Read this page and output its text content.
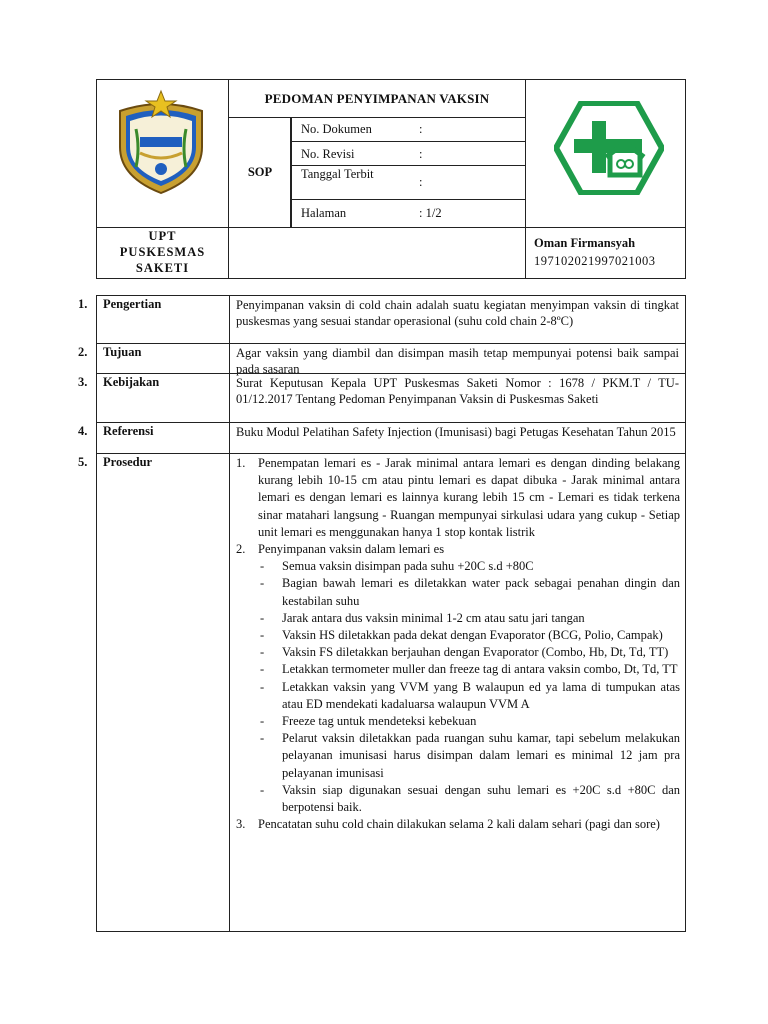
UPT
PUSKESMAS
SAKETI
PEDOMAN PENYIMPANAN VAKSIN
SOP
No. Dokumen	:
No. Revisi	:
Tanggal Terbit
:
Halaman	: 1/2
Oman Firmansyah
197102021997021003
1. Pengertian	Penyimpanan vaksin di cold chain adalah suatu kegiatan menyimpan vaksin di tingkat puskesmas yang sesuai standar operasional (suhu cold chain 2-8ºC)
2. Tujuan	Agar vaksin yang diambil dan disimpan masih tetap mempunyai potensi baik sampai pada sasaran
3. Kebijakan	Surat Keputusan Kepala UPT Puskesmas Saketi Nomor : 1678 / PKM.T / TU-01/12.2017 Tentang Pedoman Penyimpanan Vaksin di Puskesmas Saketi
4. Referensi	Buku Modul Pelatihan Safety Injection (Imunisasi) bagi Petugas Kesehatan Tahun 2015
5. Prosedur	1. Penempatan lemari es - Jarak minimal antara lemari es dengan dinding belakang kurang lebih 10-15 cm atau pintu lemari es dapat dibuka - Jarak minimal antara lemari es dengan lemari es lainnya kurang lebih 15 cm - Lemari es tidak terkena sinar matahari langsung - Ruangan mempunyai sirkulasi udara yang cukup - Setiap unit lemari es menggunakan hanya 1 stop kontak listrik
2. Penyimpanan vaksin dalam lemari es
- Semua vaksin disimpan pada suhu +20C s.d +80C
- Bagian bawah lemari es diletakkan water pack sebagai penahan dingin dan kestabilan suhu
- Jarak antara dus vaksin minimal 1-2 cm atau satu jari tangan
- Vaksin HS diletakkan pada dekat dengan Evaporator (BCG, Polio, Campak)
- Vaksin FS diletakkan berjauhan dengan Evaporator (Combo, Hb, Dt, Td, TT)
- Letakkan termometer muller dan freeze tag di antara vaksin combo, Dt, Td, TT
- Letakkan vaksin yang VVM yang B walaupun ed ya lama di tumpukan atas atau ED mendekati kadaluarsa walaupun VVM A
- Freeze tag untuk mendeteksi kebekuan
- Pelarut vaksin diletakkan pada ruangan suhu kamar, tapi sebelum melakukan pelayanan imunisasi harus disimpan dalam lemari es minimal 12 jam pra pelayanan imunisasi
- Vaksin siap digunakan sesuai dengan suhu lemari es +20C s.d +80C dan berpotensi baik.
3. Pencatatan suhu cold chain dilakukan selama 2 kali dalam sehari (pagi dan sore)
